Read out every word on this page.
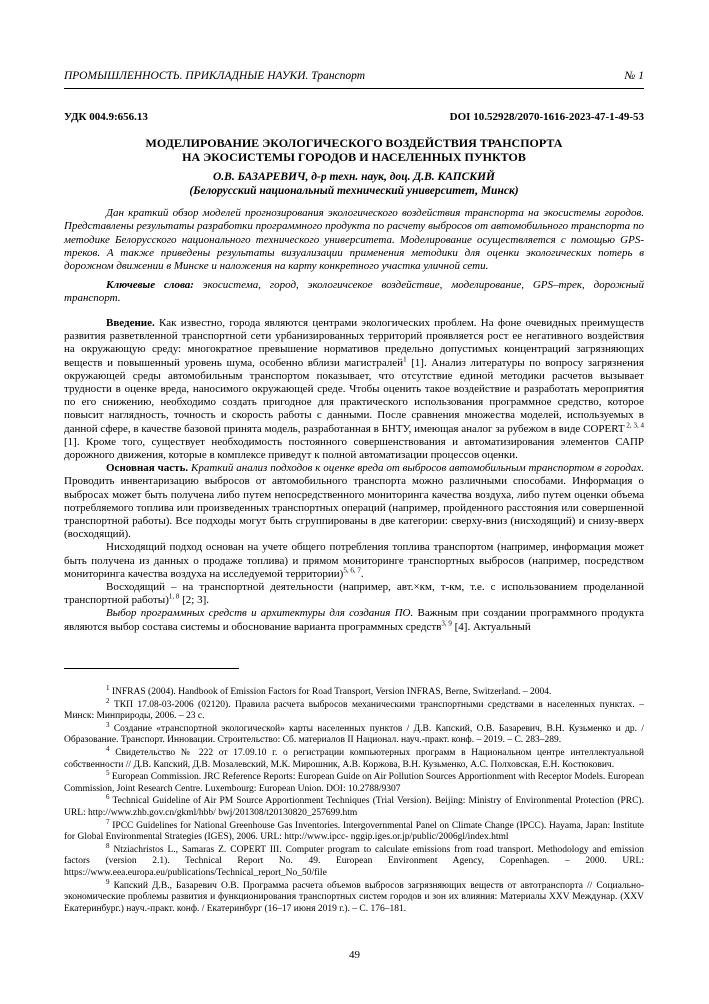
ПРОМЫШЛЕННОСТЬ. ПРИКЛАДНЫЕ НАУКИ. Транспорт	№ 1
УДК 004.9:656.13	DOI 10.52928/2070-1616-2023-47-1-49-53
МОДЕЛИРОВАНИЕ ЭКОЛОГИЧЕСКОГО ВОЗДЕЙСТВИЯ ТРАНСПОРТА
НА ЭКОСИСТЕМЫ ГОРОДОВ И НАСЕЛЕННЫХ ПУНКТОВ
О.В. БАЗАРЕВИЧ, д-р техн. наук, доц. Д.В. КАПСКИЙ
(Белорусский национальный технический университет, Минск)
Дан краткий обзор моделей прогнозирования экологического воздействия транспорта на экосистемы городов. Представлены результаты разработки программного продукта по расчету выбросов от автомобильного транспорта по методике Белорусского национального технического университета. Моделирование осуществляется с помощью GPS-треков. А также приведены результаты визуализации применения методики для оценки экологических потерь в дорожном движении в Минске и наложения на карту конкретного участка уличной сети.
Ключевые слова: экосистема, город, экологичсекое воздействие, моделирование, GPS–трек, дорожный транспорт.

Введение. Как известно, города являются центрами экологических проблем. На фоне очевидных преимуществ развития разветвленной транспортной сети урбанизированных территорий проявляется рост ее негативного воздействия на окружающую среду: многократное превышение нормативов предельно допустимых концентраций загрязняющих веществ и повышенный уровень шума, особенно вблизи магистралей$^1$ [1]. Анализ литературы по вопросу загрязнения окружающей среды автомобильным транспортом показывает, что отсутствие единой методики расчетов вызывает трудности в оценке вреда, наносимого окружающей среде. Чтобы оценить такое воздействие и разработать мероприятия по его снижению, необходимо создать пригодное для практического использования программное средство, которое повысит наглядность, точность и скорость работы с данными. После сравнения множества моделей, используемых в данной сфере, в качестве базовой принята модель, разработанная в БНТУ, имеющая аналог за рубежом в виде COPERT $^{2, 3, 4}$ [1]. Кроме того, существует необходимость постоянного совершенствования и автоматизирования элементов САПР дорожного движения, которые в комплексе приведут к полной автоматизации процессов оценки.

Основная часть. Краткий анализ подходов к оценке вреда от выбросов автомобильным транспортом в городах. Проводить инвентаризацию выбросов от автомобильного транспорта можно различными способами. Информация о выбросах может быть получена либо путем непосредственного мониторинга качества воздуха, либо путем оценки объема потребляемого топлива или произведенных транспортных операций (например, пройденного расстояния или совершенной транспортной работы). Все подходы могут быть сгруппированы в две категории: сверху-вниз (нисходящий) и снизу-вверх (восходящий).

Нисходящий подход основан на учете общего потребления топлива транспортом (например, информация может быть получена из данных о продаже топлива) и прямом мониторинге транспортных выбросов (например, посредством мониторинга качества воздуха на исследуемой территории)$^{5, 6, 7}$.

Восходящий – на транспортной деятельности (например, авт.×км, т-км, т.е. с использованием проделанной транспортной работы)$^{1, 8}$ [2; 3].

Выбор программных средств и архитектуры для создания ПО. Важным при создании программного продукта являются выбор состава системы и обоснование варианта программных средств$^{3, 9}$ [4]. Актуальный

$^1$ INFRAS (2004). Handbook of Emission Factors for Road Transport, Version INFRAS, Berne, Switzerland. – 2004.
$^2$ ТКП 17.08-03-2006 (02120). Правила расчета выбросов механическими транспортными средствами в населенных пунктах. – Минск: Минприроды, 2006. – 23 с.
$^3$ Создание «транспортной экологической» карты населенных пунктов / Д.В. Капский, О.В. Базаревич, В.Н. Кузьменко и др. / Образование. Транспорт. Инновации. Строительство: Сб. материалов II Национал. науч.-практ. конф. – 2019. – С. 283–289.
$^4$ Свидетельство № 222 от 17.09.10 г. о регистрации компьютерных программ в Национальном центре интеллектуальной собственности // Д.В. Капский, Д.В. Мозалевский, М.К. Мирошник, А.В. Коржова, В.Н. Кузьменко, А.С. Полховская, Е.Н. Костюкович.
$^5$ European Commission. JRC Reference Reports: European Guide on Air Pollution Sources Apportionment with Receptor Models. European Commission, Joint Research Centre. Luxembourg: European Union. DOI: 10.2788/9307
$^6$ Technical Guideline of Air PM Source Apportionment Techniques (Trial Version). Beijing: Ministry of Environmental Protection (PRC). URL: http://www.zhb.gov.cn/gkml/hbb/ bwj/201308/t20130820_257699.htm
$^7$ IPCC Guidelines for National Greenhouse Gas Inventories. Intergovernmental Panel on Climate Change (IPCC). Hayama, Japan: Institute for Global Environmental Strategies (IGES), 2006. URL: http://www.ipcc- nggip.iges.or.jp/public/2006gl/index.html
$^8$ Ntziachristos L., Samaras Z. COPERT III. Computer program to calculate emissions from road transport. Methodology and emission factors (version 2.1). Technical Report No. 49. European Environment Agency, Copenhagen. – 2000. URL: https://www.eea.europa.eu/publications/Technical_report_No_50/file
$^9$ Капский Д.В., Базаревич О.В. Программа расчета объемов выбросов загрязняющих веществ от автотранспорта // Социально-экономические проблемы развития и функционирования транспортных систем городов и зон их влияния: Материалы XXV Междунар. (XXV Екатеринбург.) науч.-практ. конф. / Екатеринбург (16–17 июня 2019 г.). – С. 176–181.
49
